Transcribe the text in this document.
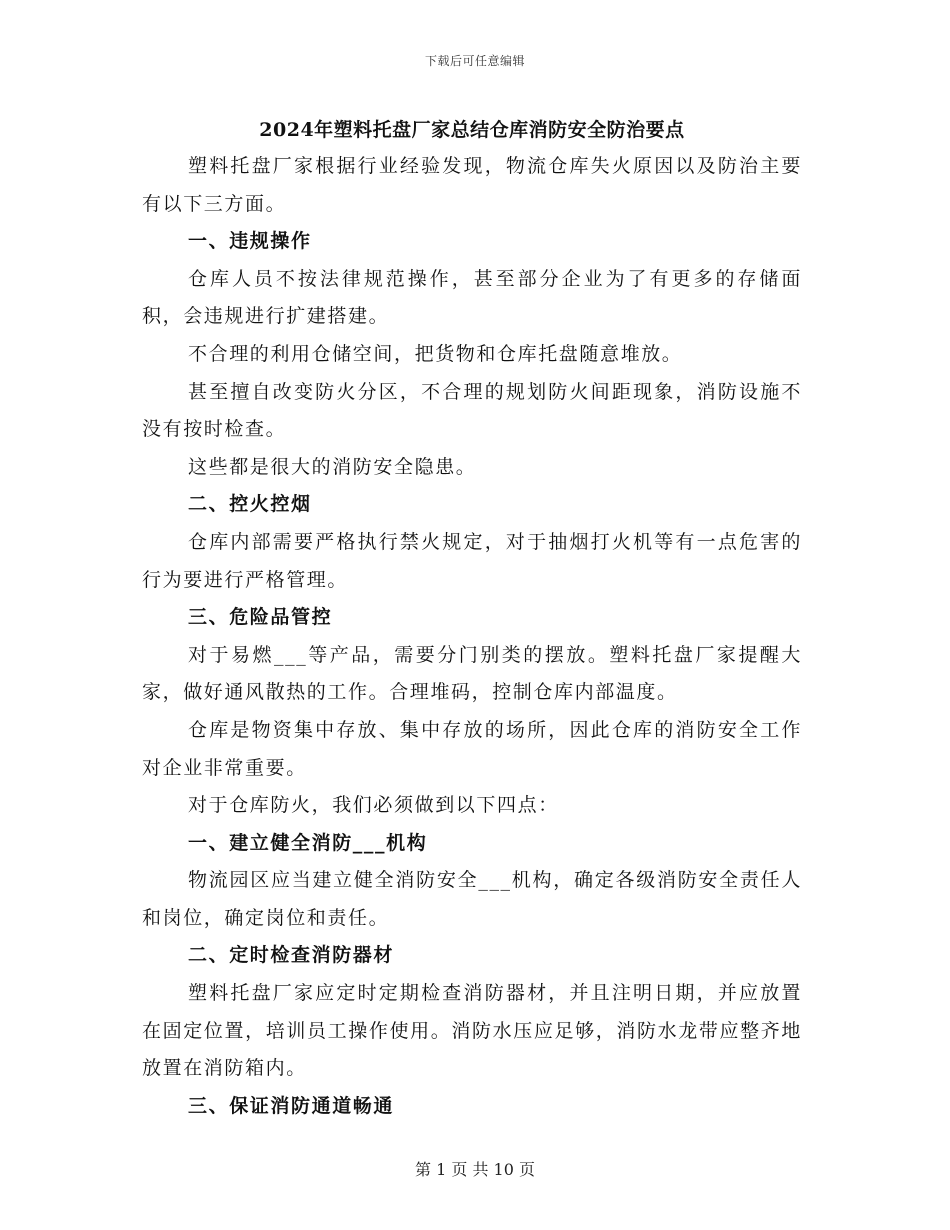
下载后可任意编辑

2024年塑料托盘厂家总结仓库消防安全防治要点

塑料托盘厂家根据行业经验发现，物流仓库失火原因以及防治主要有以下三方面。

一、违规操作

仓库人员不按法律规范操作，甚至部分企业为了有更多的存储面积，会违规进行扩建搭建。

不合理的利用仓储空间，把货物和仓库托盘随意堆放。

甚至擅自改变防火分区，不合理的规划防火间距现象，消防设施不没有按时检查。

这些都是很大的消防安全隐患。

二、控火控烟

仓库内部需要严格执行禁火规定，对于抽烟打火机等有一点危害的行为要进行严格管理。

三、危险品管控

对于易燃___等产品，需要分门别类的摆放。塑料托盘厂家提醒大家，做好通风散热的工作。合理堆码，控制仓库内部温度。

仓库是物资集中存放、集中存放的场所，因此仓库的消防安全工作对企业非常重要。

对于仓库防火，我们必须做到以下四点：

一、建立健全消防___机构

物流园区应当建立健全消防安全___机构，确定各级消防安全责任人和岗位，确定岗位和责任。

二、定时检查消防器材

塑料托盘厂家应定时定期检查消防器材，并且注明日期，并应放置在固定位置，培训员工操作使用。消防水压应足够，消防水龙带应整齐地放置在消防箱内。

三、保证消防通道畅通

第 1 页 共 10 页
